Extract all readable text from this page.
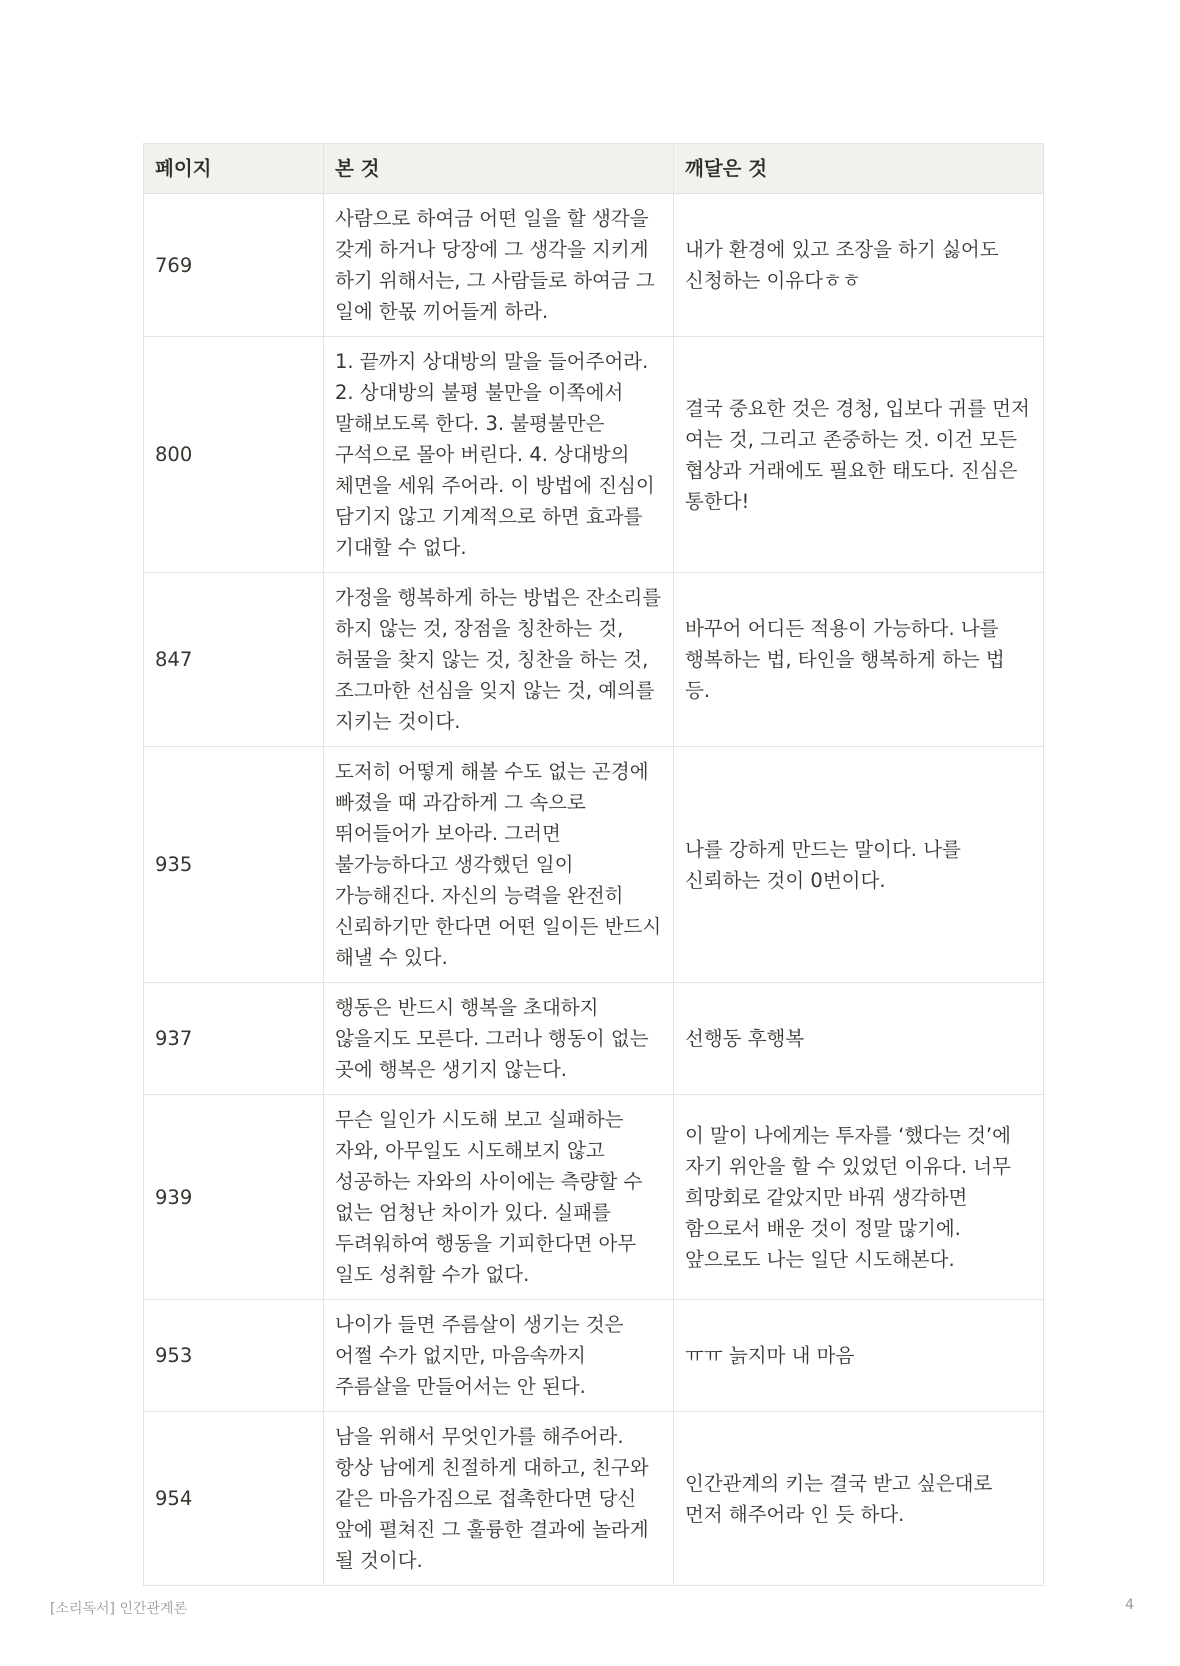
페이지	본 것	깨달은 것
769	사람으로 하여금 어떤 일을 할 생각을 갖게 하거나 당장에 그 생각을 지키게 하기 위해서는, 그 사람들로 하여금 그 일에 한몫 끼어들게 하라.	내가 환경에 있고 조장을 하기 싫어도 신청하는 이유다ㅎㅎ
800	1. 끝까지 상대방의 말을 들어주어라. 2. 상대방의 불평 불만을 이쪽에서 말해보도록 한다. 3. 불평불만은 구석으로 몰아 버린다. 4. 상대방의 체면을 세워 주어라. 이 방법에 진심이 담기지 않고 기계적으로 하면 효과를 기대할 수 없다.	결국 중요한 것은 경청, 입보다 귀를 먼저 여는 것, 그리고 존중하는 것. 이건 모든 협상과 거래에도 필요한 태도다. 진심은 통한다!
847	가정을 행복하게 하는 방법은 잔소리를 하지 않는 것, 장점을 칭찬하는 것, 허물을 찾지 않는 것, 칭찬을 하는 것, 조그마한 선심을 잊지 않는 것, 예의를 지키는 것이다.	바꾸어 어디든 적용이 가능하다. 나를 행복하는 법, 타인을 행복하게 하는 법 등.
935	도저히 어떻게 해볼 수도 없는 곤경에 빠졌을 때 과감하게 그 속으로 뛰어들어가 보아라. 그러면 불가능하다고 생각했던 일이 가능해진다. 자신의 능력을 완전히 신뢰하기만 한다면 어떤 일이든 반드시 해낼 수 있다.	나를 강하게 만드는 말이다. 나를 신뢰하는 것이 0번이다.
937	행동은 반드시 행복을 초대하지 않을지도 모른다. 그러나 행동이 없는 곳에 행복은 생기지 않는다.	선행동 후행복
939	무슨 일인가 시도해 보고 실패하는 자와, 아무일도 시도해보지 않고 성공하는 자와의 사이에는 측량할 수 없는 엄청난 차이가 있다. 실패를 두려워하여 행동을 기피한다면 아무 일도 성취할 수가 없다.	이 말이 나에게는 투자를 ‘했다는 것’에 자기 위안을 할 수 있었던 이유다. 너무 희망회로 같았지만 바꿔 생각하면 함으로서 배운 것이 정말 많기에. 앞으로도 나는 일단 시도해본다.
953	나이가 들면 주름살이 생기는 것은 어쩔 수가 없지만, 마음속까지 주름살을 만들어서는 안 된다.	ㅠㅠ 늙지마 내 마음
954	남을 위해서 무엇인가를 해주어라. 항상 남에게 친절하게 대하고, 친구와 같은 마음가짐으로 접촉한다면 당신 앞에 펼쳐진 그 훌륭한 결과에 놀라게 될 것이다.	인간관계의 키는 결국 받고 싶은대로 먼저 해주어라 인 듯 하다.
[소리독서] 인간관계론	4
